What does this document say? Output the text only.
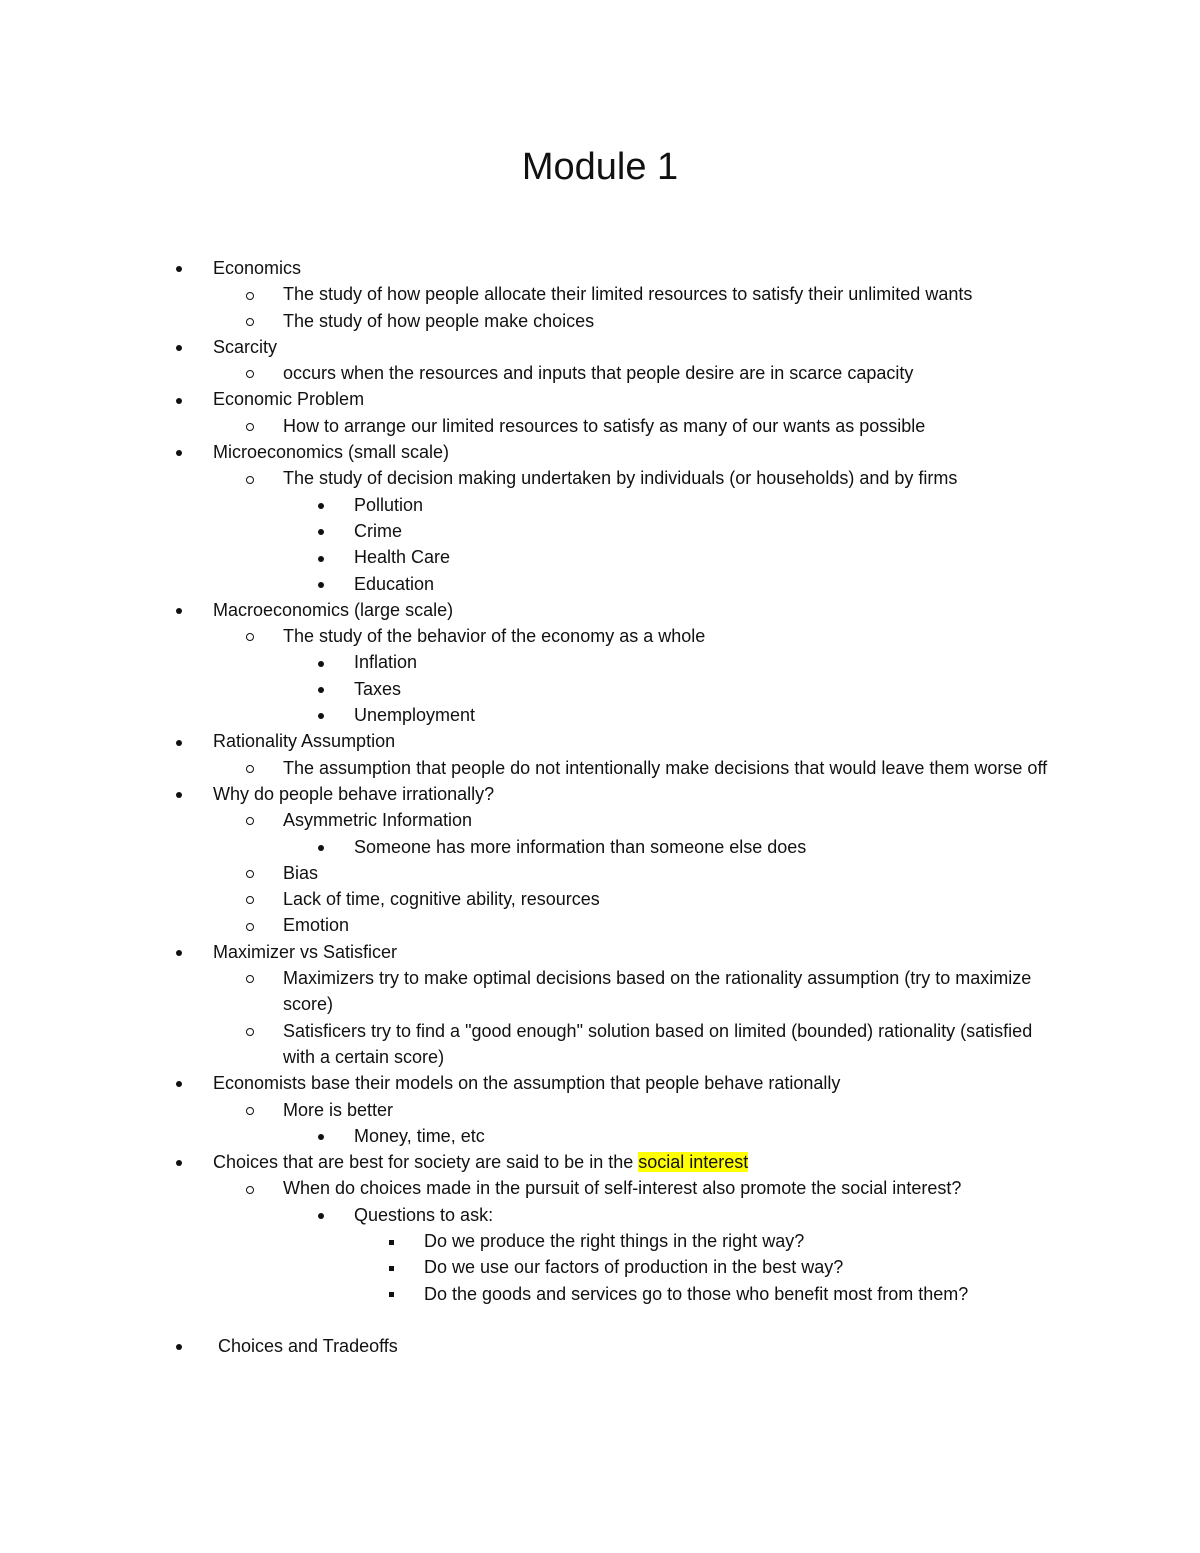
Module 1
Economics
The study of how people allocate their limited resources to satisfy their unlimited wants
The study of how people make choices
Scarcity
occurs when the resources and inputs that people desire are in scarce capacity
Economic Problem
How to arrange our limited resources to satisfy as many of our wants as possible
Microeconomics (small scale)
The study of decision making undertaken by individuals (or households) and by firms
Pollution
Crime
Health Care
Education
Macroeconomics (large scale)
The study of the behavior of the economy as a whole
Inflation
Taxes
Unemployment
Rationality Assumption
The assumption that people do not intentionally make decisions that would leave them worse off
Why do people behave irrationally?
Asymmetric Information
Someone has more information than someone else does
Bias
Lack of time, cognitive ability, resources
Emotion
Maximizer vs Satisficer
Maximizers try to make optimal decisions based on the rationality assumption (try to maximize score)
Satisficers try to find a "good enough" solution based on limited (bounded) rationality (satisfied with a certain score)
Economists base their models on the assumption that people behave rationally
More is better
Money, time, etc
Choices that are best for society are said to be in the social interest
When do choices made in the pursuit of self-interest also promote the social interest?
Questions to ask:
Do we produce the right things in the right way?
Do we use our factors of production in the best way?
Do the goods and services go to those who benefit most from them?
Choices and Tradeoffs
